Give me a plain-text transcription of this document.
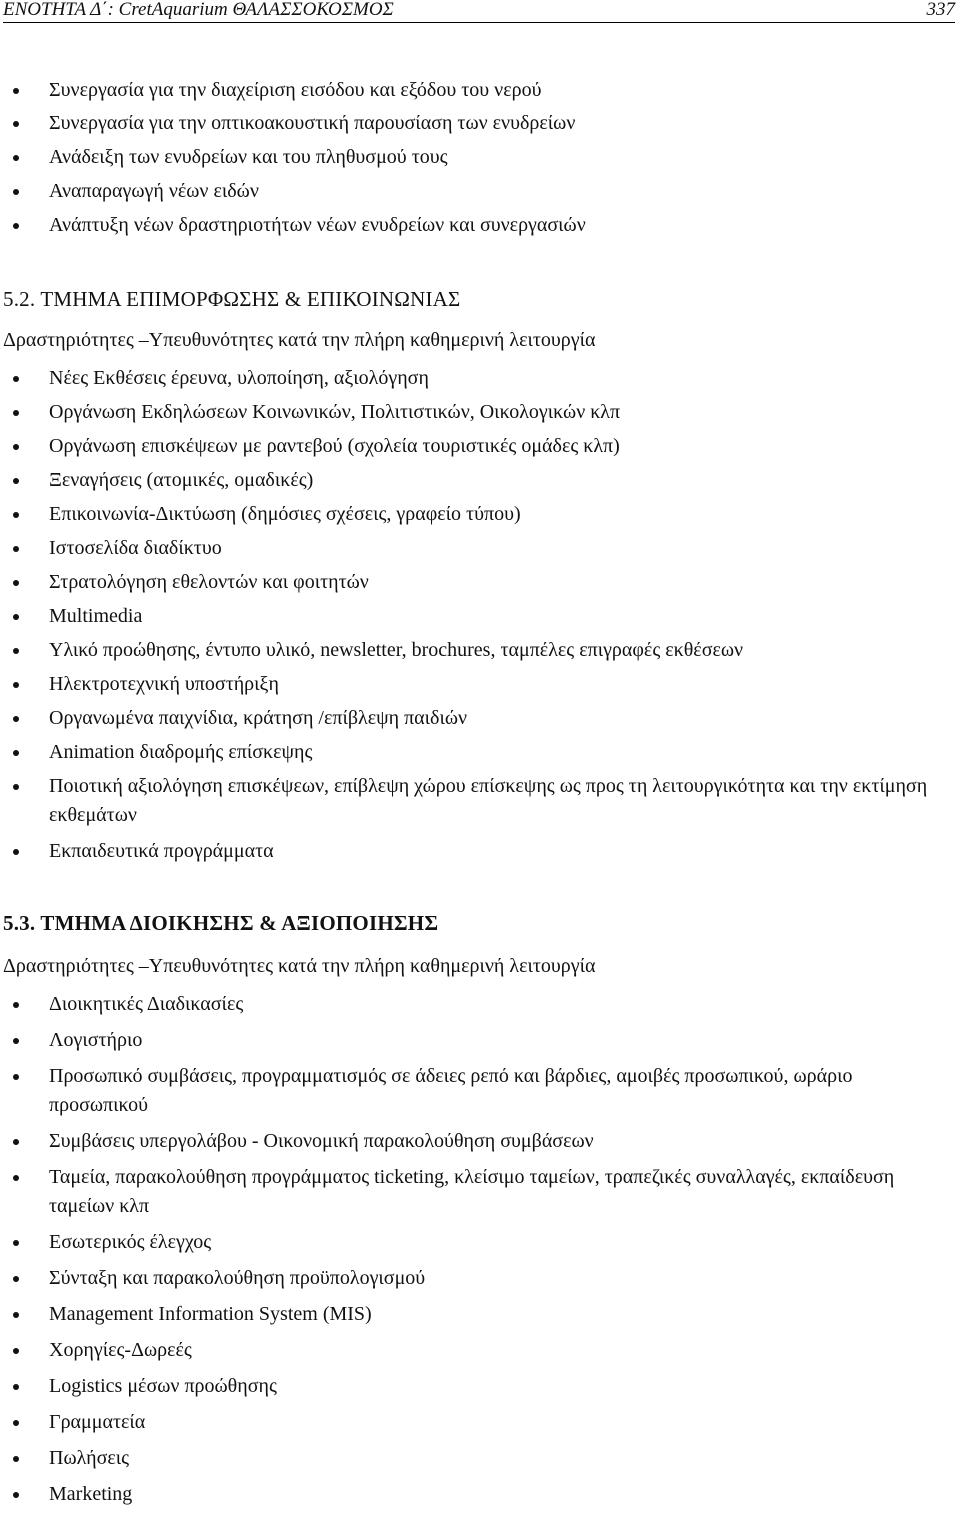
ΕΝΟΤΗΤΑ Δ΄: CretAquarium ΘΑΛΑΣΣΟΚΟΣΜΟΣ	337
Συνεργασία για την διαχείριση εισόδου και εξόδου του νερού
Συνεργασία για την οπτικοακουστική παρουσίαση των ενυδρείων
Ανάδειξη των ενυδρείων και του πληθυσμού τους
Αναπαραγωγή νέων ειδών
Ανάπτυξη νέων δραστηριοτήτων νέων ενυδρείων και συνεργασιών
5.2. ΤΜΗΜΑ ΕΠΙΜΟΡΦΩΣΗΣ & ΕΠΙΚΟΙΝΩΝΙΑΣ
Δραστηριότητες –Υπευθυνότητες κατά την πλήρη καθημερινή λειτουργία
Νέες Εκθέσεις έρευνα, υλοποίηση, αξιολόγηση
Οργάνωση Εκδηλώσεων Κοινωνικών, Πολιτιστικών, Οικολογικών κλπ
Οργάνωση επισκέψεων με ραντεβού (σχολεία τουριστικές ομάδες κλπ)
Ξεναγήσεις (ατομικές, ομαδικές)
Επικοινωνία-Δικτύωση (δημόσιες σχέσεις, γραφείο τύπου)
Ιστοσελίδα διαδίκτυο
Στρατολόγηση εθελοντών και φοιτητών
Multimedia
Υλικό προώθησης, έντυπο υλικό, newsletter, brochures, ταμπέλες επιγραφές εκθέσεων
Ηλεκτροτεχνική υποστήριξη
Οργανωμένα παιχνίδια, κράτηση /επίβλεψη παιδιών
Animation διαδρομής επίσκεψης
Ποιοτική αξιολόγηση επισκέψεων, επίβλεψη χώρου επίσκεψης ως προς τη λειτουργικότητα και την εκτίμηση εκθεμάτων
Εκπαιδευτικά προγράμματα
5.3. ΤΜΗΜΑ ΔΙΟΙΚΗΣΗΣ & ΑΞΙΟΠΟΙΗΣΗΣ
Δραστηριότητες –Υπευθυνότητες κατά την πλήρη καθημερινή λειτουργία
Διοικητικές Διαδικασίες
Λογιστήριο
Προσωπικό συμβάσεις, προγραμματισμός σε άδειες ρεπό και βάρδιες, αμοιβές προσωπικού, ωράριο προσωπικού
Συμβάσεις υπεργολάβου - Οικονομική παρακολούθηση συμβάσεων
Ταμεία, παρακολούθηση προγράμματος ticketing, κλείσιμο ταμείων, τραπεζικές συναλλαγές, εκπαίδευση ταμείων κλπ
Εσωτερικός έλεγχος
Σύνταξη και παρακολούθηση προϋπολογισμού
Management Information System (MIS)
Χορηγίες-Δωρεές
Logistics μέσων προώθησης
Γραμματεία
Πωλήσεις
Marketing
